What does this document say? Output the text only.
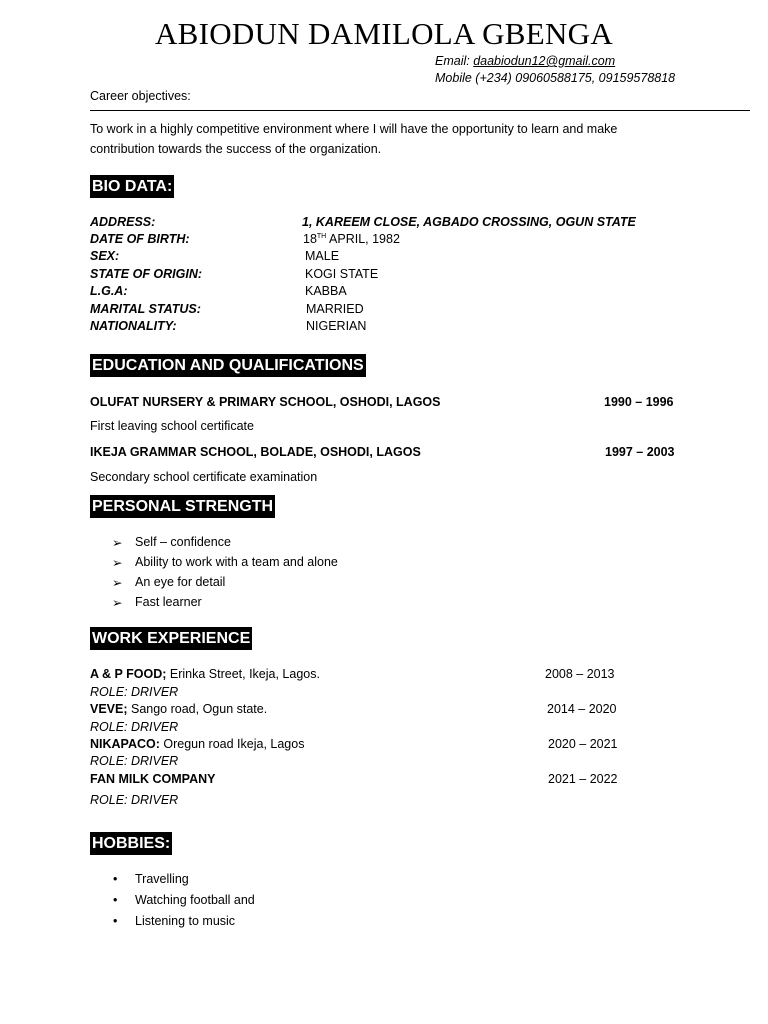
ABIODUN DAMILOLA GBENGA
Email: daabiodun12@gmail.com
Mobile (+234) 09060588175, 09159578818
Career objectives:
To work in a highly competitive environment where I will have the opportunity to learn and make
contribution towards the success of the organization.
BIO DATA:
ADDRESS:	1, KAREEM CLOSE, AGBADO CROSSING, OGUN STATE
DATE OF BIRTH:	18TH APRIL, 1982
SEX:	MALE
STATE OF ORIGIN:	KOGI STATE
L.G.A:	KABBA
MARITAL STATUS:	MARRIED
NATIONALITY:	NIGERIAN
EDUCATION AND QUALIFICATIONS
OLUFAT NURSERY & PRIMARY SCHOOL, OSHODI, LAGOS	1990 – 1996
First leaving school certificate
IKEJA GRAMMAR SCHOOL, BOLADE, OSHODI, LAGOS	1997 – 2003
Secondary school certificate examination
PERSONAL STRENGTH
➢ Self – confidence
➢ Ability to work with a team and alone
➢ An eye for detail
➢ Fast learner
WORK EXPERIENCE
A & P FOOD; Erinka Street, Ikeja, Lagos.	2008 – 2013
ROLE: DRIVER
VEVE; Sango road, Ogun state.	2014 – 2020
ROLE: DRIVER
NIKAPACO: Oregun road Ikeja, Lagos	2020 – 2021
ROLE: DRIVER
FAN MILK COMPANY	2021 – 2022
ROLE: DRIVER
HOBBIES:
• Travelling
• Watching football and
• Listening to music
